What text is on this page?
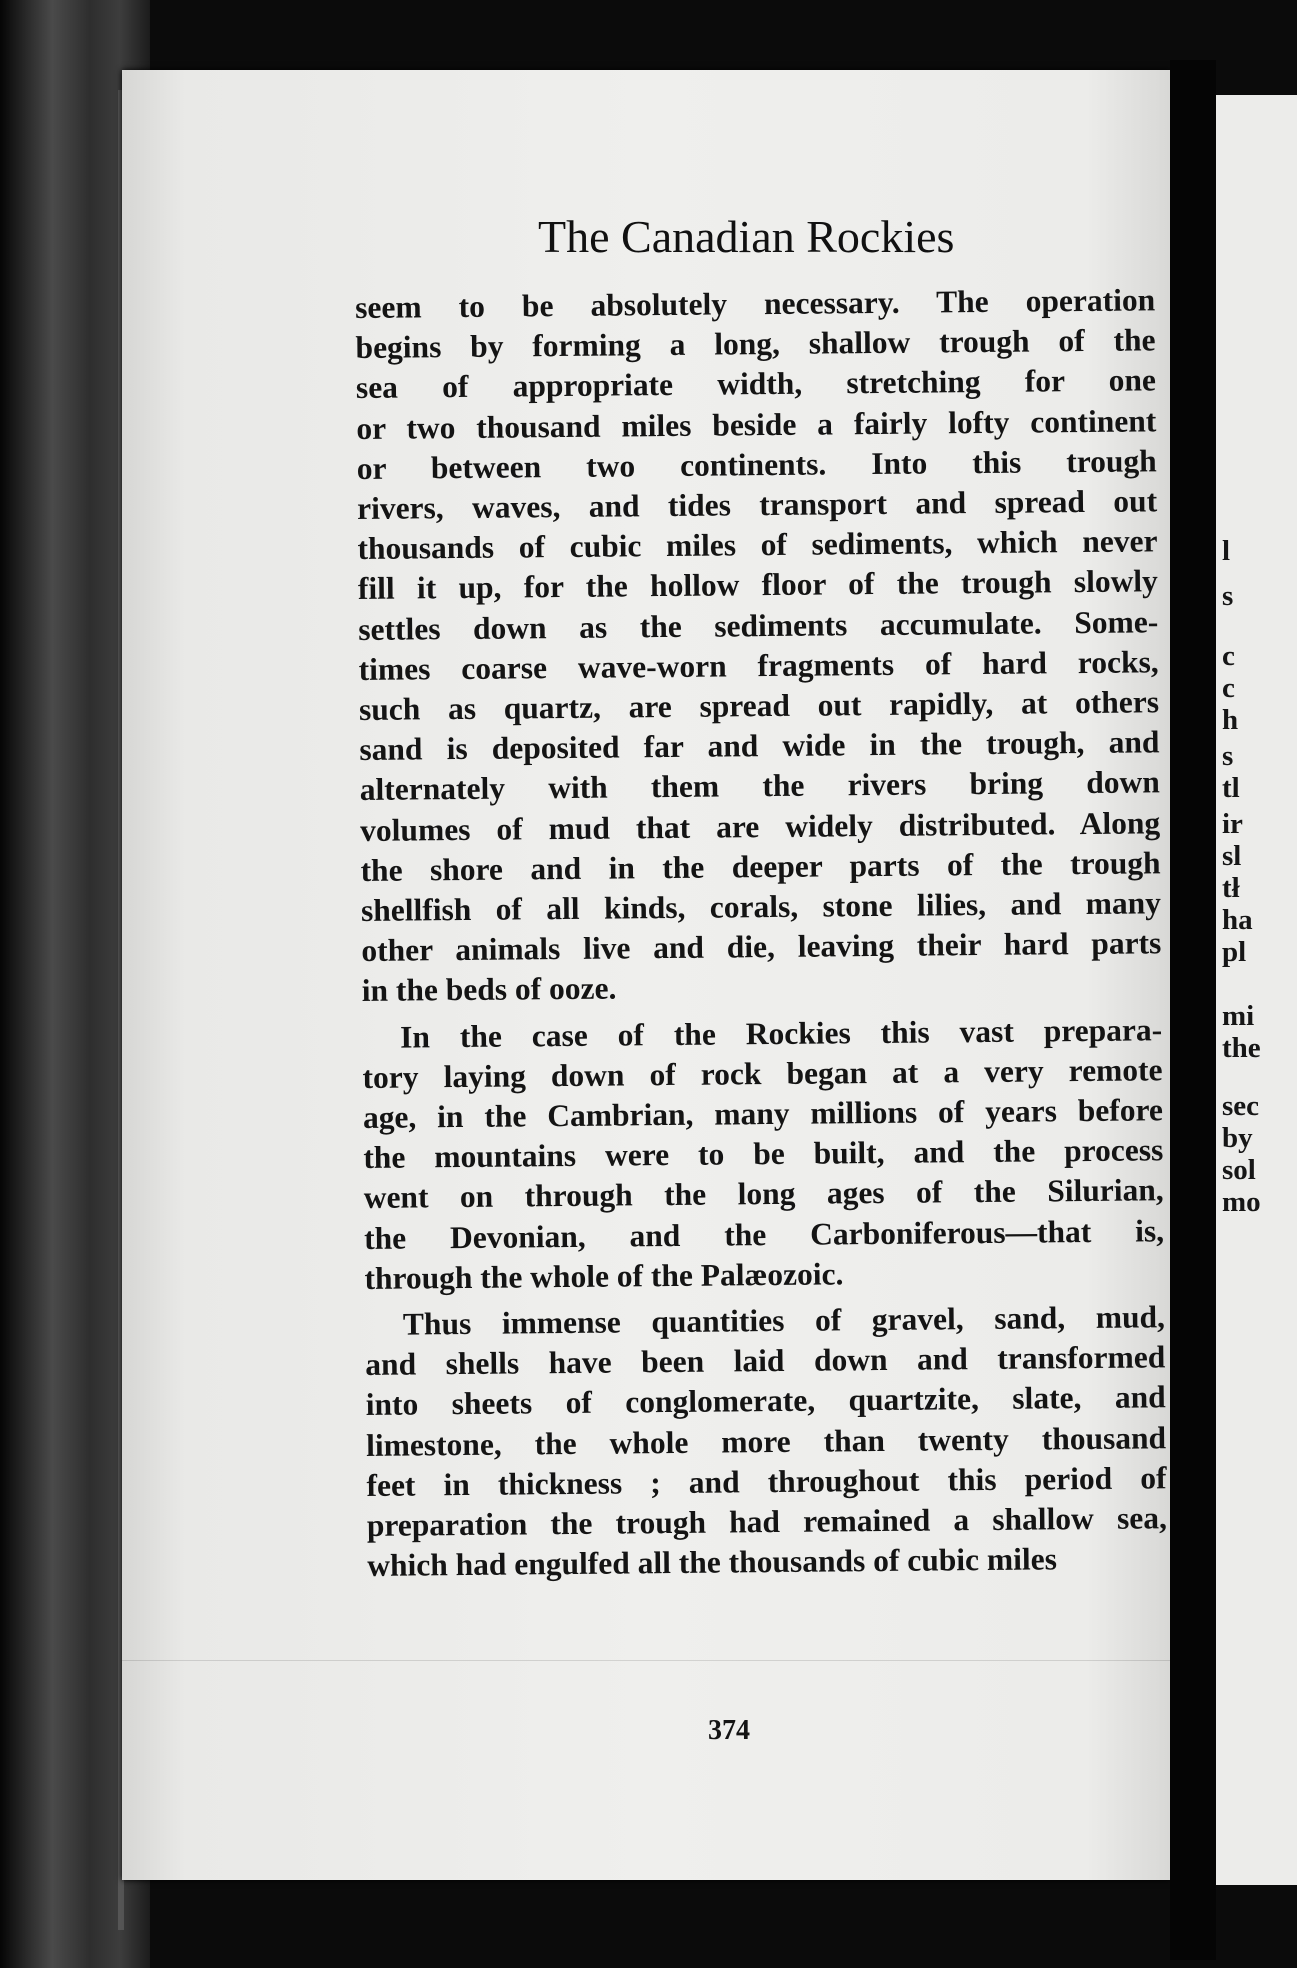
The Canadian Rockies
seem to be absolutely necessary. The operation
begins by forming a long, shallow trough of the
sea of appropriate width, stretching for one
or two thousand miles beside a fairly lofty continent
or between two continents. Into this trough
rivers, waves, and tides transport and spread out
thousands of cubic miles of sediments, which never
fill it up, for the hollow floor of the trough slowly
settles down as the sediments accumulate. Some-
times coarse wave-worn fragments of hard rocks,
such as quartz, are spread out rapidly, at others
sand is deposited far and wide in the trough, and
alternately with them the rivers bring down
volumes of mud that are widely distributed. Along
the shore and in the deeper parts of the trough
shellfish of all kinds, corals, stone lilies, and many
other animals live and die, leaving their hard parts
in the beds of ooze.
In the case of the Rockies this vast prepara-
tory laying down of rock began at a very remote
age, in the Cambrian, many millions of years before
the mountains were to be built, and the process
went on through the long ages of the Silurian,
the Devonian, and the Carboniferous—that is,
through the whole of the Palæozoic.
Thus immense quantities of gravel, sand, mud,
and shells have been laid down and transformed
into sheets of conglomerate, quartzite, slate, and
limestone, the whole more than twenty thousand
feet in thickness ; and throughout this period of
preparation the trough had remained a shallow sea,
which had engulfed all the thousands of cubic miles
374
l
s
c
c
h
s
tl
ir
sl
tł
ha
pl
mi
the
sec
by
sol
mo
